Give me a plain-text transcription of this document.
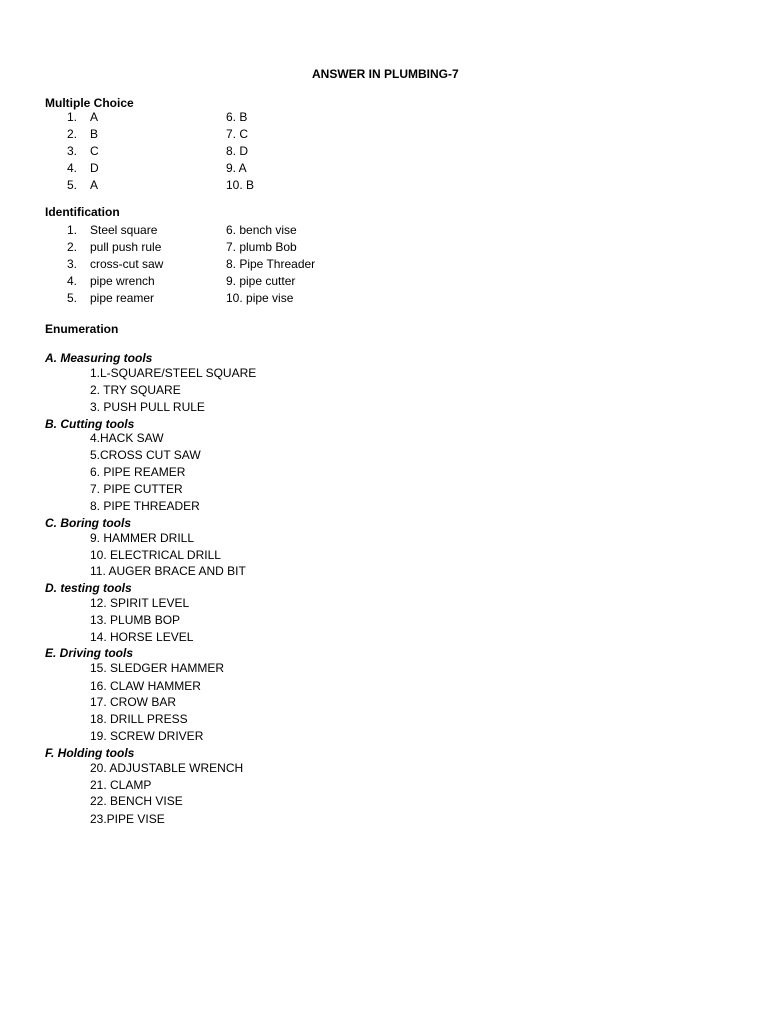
ANSWER IN PLUMBING-7
Multiple Choice
1. A
2. B
3. C
4. D
5. A
6. B
7. C
8. D
9. A
10. B
Identification
1. Steel square
2. pull push rule
3. cross-cut saw
4. pipe wrench
5. pipe reamer
6. bench vise
7. plumb Bob
8. Pipe Threader
9. pipe cutter
10. pipe vise
Enumeration
A. Measuring tools
1.L-SQUARE/STEEL SQUARE
2. TRY SQUARE
3. PUSH PULL RULE
B. Cutting tools
4.HACK SAW
5.CROSS CUT SAW
6. PIPE REAMER
7. PIPE CUTTER
8. PIPE THREADER
C. Boring tools
9. HAMMER DRILL
10. ELECTRICAL DRILL
11. AUGER BRACE AND BIT
D. testing tools
12. SPIRIT LEVEL
13. PLUMB BOP
14. HORSE LEVEL
E. Driving tools
15. SLEDGER HAMMER
16. CLAW HAMMER
17. CROW BAR
18. DRILL PRESS
19. SCREW DRIVER
F. Holding tools
20. ADJUSTABLE WRENCH
21. CLAMP
22. BENCH VISE
23.PIPE VISE
